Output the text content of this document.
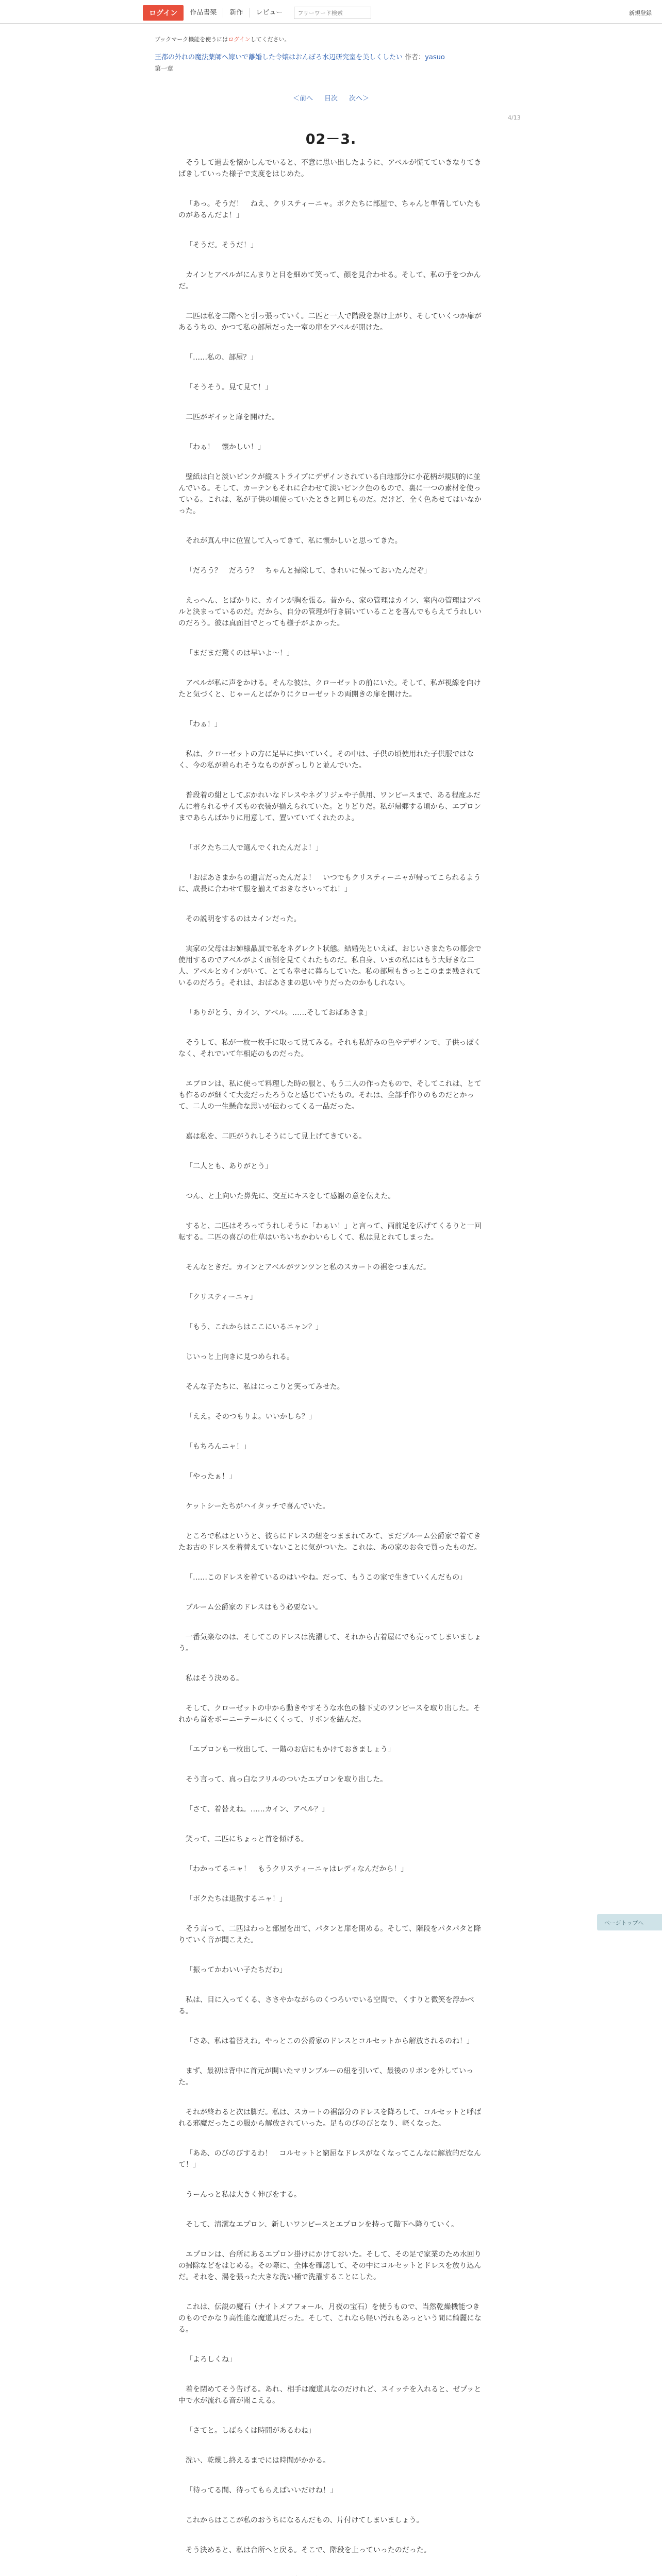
ログイン	作品書架	新作	レビュー
フリーワード検索	新規登録
ブックマーク機能を使うにはログインしてください。
王都の外れの魔法薬師へ嫁いで離婚した令嬢はおんぼろ水辺研究室を美しくしたい 作者：yasuo
第一章
＜前へ 目次 次へ＞
4/13
02－3.

そうして過去を懐かしんでいると、不意に思い出したように、アベルが慌てていきなりてきぱきしていった様子で支度をはじめた。

「あっ。そうだ！　ねえ、クリスティーニャ。ボクたちに部屋で、ちゃんと準備していたものがあるんだよ！」

「そうだ。そうだ！」

カインとアベルがにんまりと目を細めて笑って、顔を見合わせる。そして、私の手をつかんだ。

二匹は私を二階へと引っ張っていく。二匹と一人で階段を駆け上がり、そしていくつか扉があるうちの、かつて私の部屋だった一室の扉をアベルが開けた。

「……私の、部屋？」

「そうそう。見て見て！」

二匹がギイッと扉を開けた。

「わぁ！　懐かしい！」

壁紙は白と淡いピンクが縦ストライプにデザインされている白地部分に小花柄が規則的に並んでいる。そして、カーテンもそれに合わせて淡いピンク色のもので、裏に一つの素材を使っている。これは、私が子供の頃使っていたときと同じものだ。だけど、全く色あせてはいなかった。

それが真ん中に位置して入ってきて、私に懐かしいと思ってきた。

「だろう？　だろう？　ちゃんと掃除して、きれいに保っておいたんだぞ」

えっへん、とばかりに、カインが胸を張る。昔から、家の管理はカイン、室内の管理はアベルと決まっているのだ。だから、自分の管理が行き届いていることを喜んでもらえてうれしいのだろう。彼は真面目でとっても様子がよかった。

「まだまだ驚くのは早いよ〜！」

アベルが私に声をかける。そんな彼は、クローゼットの前にいた。そして、私が視線を向けたと気づくと、じゃーんとばかりにクローゼットの両開きの扉を開けた。

「わぁ！」

私は、クローゼットの方に足早に歩いていく。その中は、子供の頃使用れた子供服ではなく、今の私が着られそうなものがぎっしりと並んでいた。

普段着の紺としてぶかれいなドレスやネグリジェや子供用、ワンピースまで、ある程度ふだんに着られるサイズもの衣装が揃えられていた。とりどりだ。私が帰郷する頃から、エプロンまであらんばかりに用意して、置いていてくれたのよ。

「ボクたち二人で選んでくれたんだよ！」

「おばあさまからの遺言だったんだよ！　いつでもクリスティーニャが帰ってこられるように、成長に合わせて服を揃えておきなさいってね！」

その説明をするのはカインだった。

実家の父母はお姉様贔屓で私をネグレクト状態。結婚先といえば、おじいさまたちの都会で使用するのでアベルがよく面倒を見てくれたものだ。私自身、いまの私にはもう大好きな二人、アベルとカインがいて、とても幸せに暮らしていた。私の部屋もきっとこのまま残されているのだろう。それは、おばあさまの思いやりだったのかもしれない。

「ありがとう、カイン、アベル。……そしておばあさま」

そうして、私が一枚一枚手に取って見てみる。それも私好みの色やデザインで、子供っぽくなく、それでいて年相応のものだった。

エプロンは、私に使って料理した時の服と、もう二人の作ったもので、そしてこれは、とても作るのが細くて大変だったろうなと感じていたもの。それは、全部手作りのものだとかって、二人の一生懸命な思いが伝わってくる一品だった。

嘉は私を、二匹がうれしそうにして見上げてきている。

「二人とも、ありがとう」

つん、と上向いた鼻先に、交互にキスをして感謝の意を伝えた。

すると、二匹はそろってうれしそうに「わぁい！」と言って、両前足を広げてくるりと一回転する。二匹の喜びの仕草はいちいちかわいらしくて、私は見とれてしまった。

そんなときだ。カインとアベルがツンツンと私のスカートの裾をつまんだ。

「クリスティーニャ」

「もう、これからはここにいるニャン？」

じいっと上向きに見つめられる。

そんな子たちに、私はにっこりと笑ってみせた。

「ええ。そのつもりよ。いいかしら？」

「もちろんニャ！」

「やったぁ！」

ケットシーたちがハイタッチで喜んでいた。

ところで私はというと、彼らにドレスの紐をつままれてみて、まだブルーム公爵家で着てきたお古のドレスを着替えていないことに気がついた。これは、あの家のお金で買ったものだ。

「……このドレスを着ているのはいやね。だって、もうこの家で生きていくんだもの」

ブルーム公爵家のドレスはもう必要ない。

一番気楽なのは、そしてこのドレスは洗濯して、それから古着屋にでも売ってしまいましょう。

私はそう決める。

そして、クローゼットの中から動きやすそうな水色の膝下丈のワンピースを取り出した。それから首をボーニーテールにくくって、リボンを結んだ。

「エプロンも一枚出して、一階のお店にもかけておきましょう」

そう言って、真っ白なフリルのついたエプロンを取り出した。

「さて、着替えね。……カイン、アベル？」

笑って、二匹にちょっと首を傾げる。

「わかってるニャ！　もうクリスティーニャはレディなんだから！」

「ボクたちは退散するニャ！」

そう言って、二匹はわっと部屋を出て、パタンと扉を閉める。そして、階段をパタパタと降りていく音が聞こえた。

「振ってかわいい子たちだわ」

私は、目に入ってくる、ささやかながらのくつろいでいる空間で、くすりと微笑を浮かべる。

「さあ、私は着替えね。やっとこの公爵家のドレスとコルセットから解放されるのね！」

まず、最初は背中に首元が開いたマリンブルーの紐を引いて、最後のリボンを外していった。

それが終わると次は脚だ。私は、スカートの裾部分のドレスを降ろして、コルセットと呼ばれる邪魔だったこの服から解放されていった。足ものびのびとなり、軽くなった。

「ああ、のびのびするわ！　コルセットと窮屈なドレスがなくなってこんなに解放的だなんて！」

うーんっと私は大きく伸びをする。

そして、清潔なエプロン、新しいワンピースとエプロンを持って階下へ降りていく。

エプロンは、台所にあるエプロン掛けにかけておいた。そして、その足で家業のため水回りの掃除などをはじめる。その際に、全体を確認して、その中にコルセットとドレスを放り込んだ。それを、湯を張った大きな洗い桶で洗濯することにした。

これは、伝説の魔石（ナイトメアフォール、月夜の宝石）を使うもので、当然乾燥機能つきのものでかなり高性能な魔道具だった。そして、これなら軽い汚れもあっという間に綺麗になる。

「よろしくね」

着を閉めてそう告げる。あれ、相手は魔道具なのだけれど、スイッチを入れると、ゼプッと中で水が流れる音が聞こえる。

「さてと。しばらくは時間があるわね」

洗い、乾燥し終えるまでには時間がかかる。

「待ってる間、待ってもらえばいいだけね！」

これからはここが私のおうちになるんだもの、片付けてしまいましょう。

そう決めると、私は台所へと戻る。そこで、階段を上っていったのだった。

ページトップへ
